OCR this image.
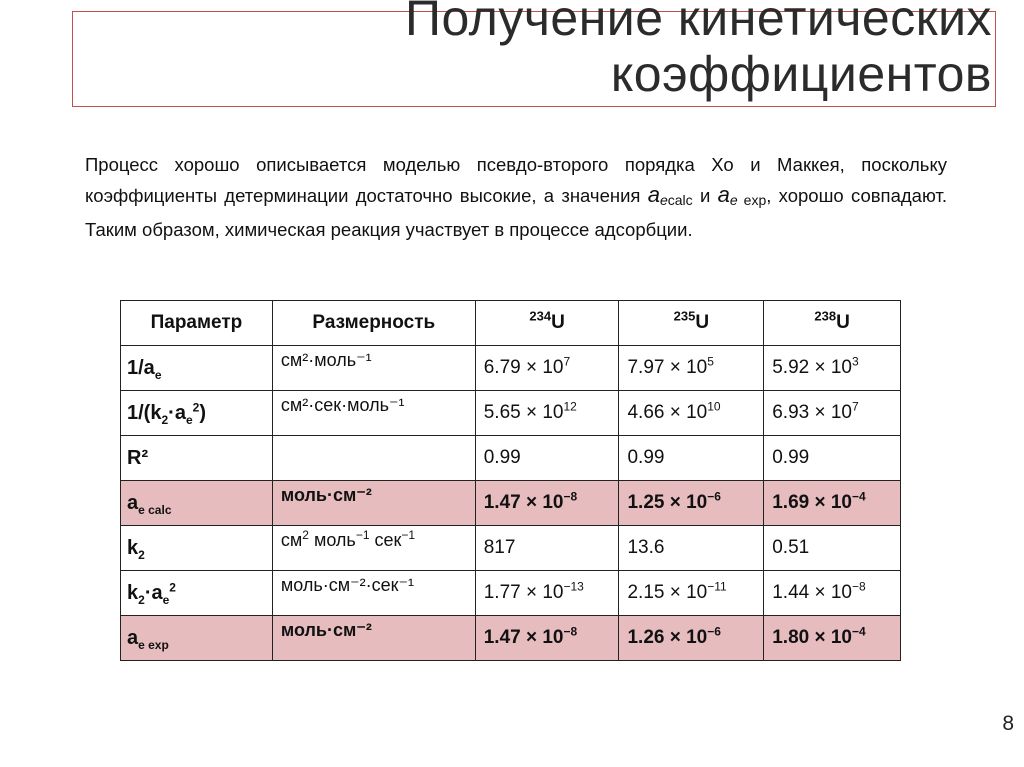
Получение кинетических
коэффициентов
Процесс хорошо описывается моделью псевдо-второго порядка Хо и Маккея, поскольку коэффициенты детерминации достаточно высокие, а значения $a_{ecalc}$ и $a_e$ $_{exp}$, хорошо совпадают. Таким образом, химическая реакция участвует в процессе адсорбции.
Параметр	Размерность	$^{234}$U	$^{235}$U	$^{238}$U
$1/a_e$	см²·моль⁻¹	$6.79 \times 10^7$	$7.97 \times 10^5$	$5.92 \times 10^3$
$1/(k_2\cdot a_e^2)$	см²·сек·моль⁻¹	$5.65 \times 10^{12}$	$4.66 \times 10^{10}$	$6.93 \times 10^7$
R²		0.99	0.99	0.99
$a_{e calc}$	моль·см⁻²	$1.47 \times 10^{-8}$	$1.25 \times 10^{-6}$	$1.69 \times 10^{-4}$
$k_2$	$см^2$ моль$^{-1}$ сек$^{-1}$	817	13.6	0.51
$k_2\cdot a_e^2$	моль·см⁻²·сек⁻¹	$1.77 \times 10^{-13}$	$2.15 \times 10^{-11}$	$1.44 \times 10^{-8}$
$a_{e exp}$	моль·см⁻²	$1.47 \times 10^{-8}$	$1.26 \times 10^{-6}$	$1.80 \times 10^{-4}$
8
